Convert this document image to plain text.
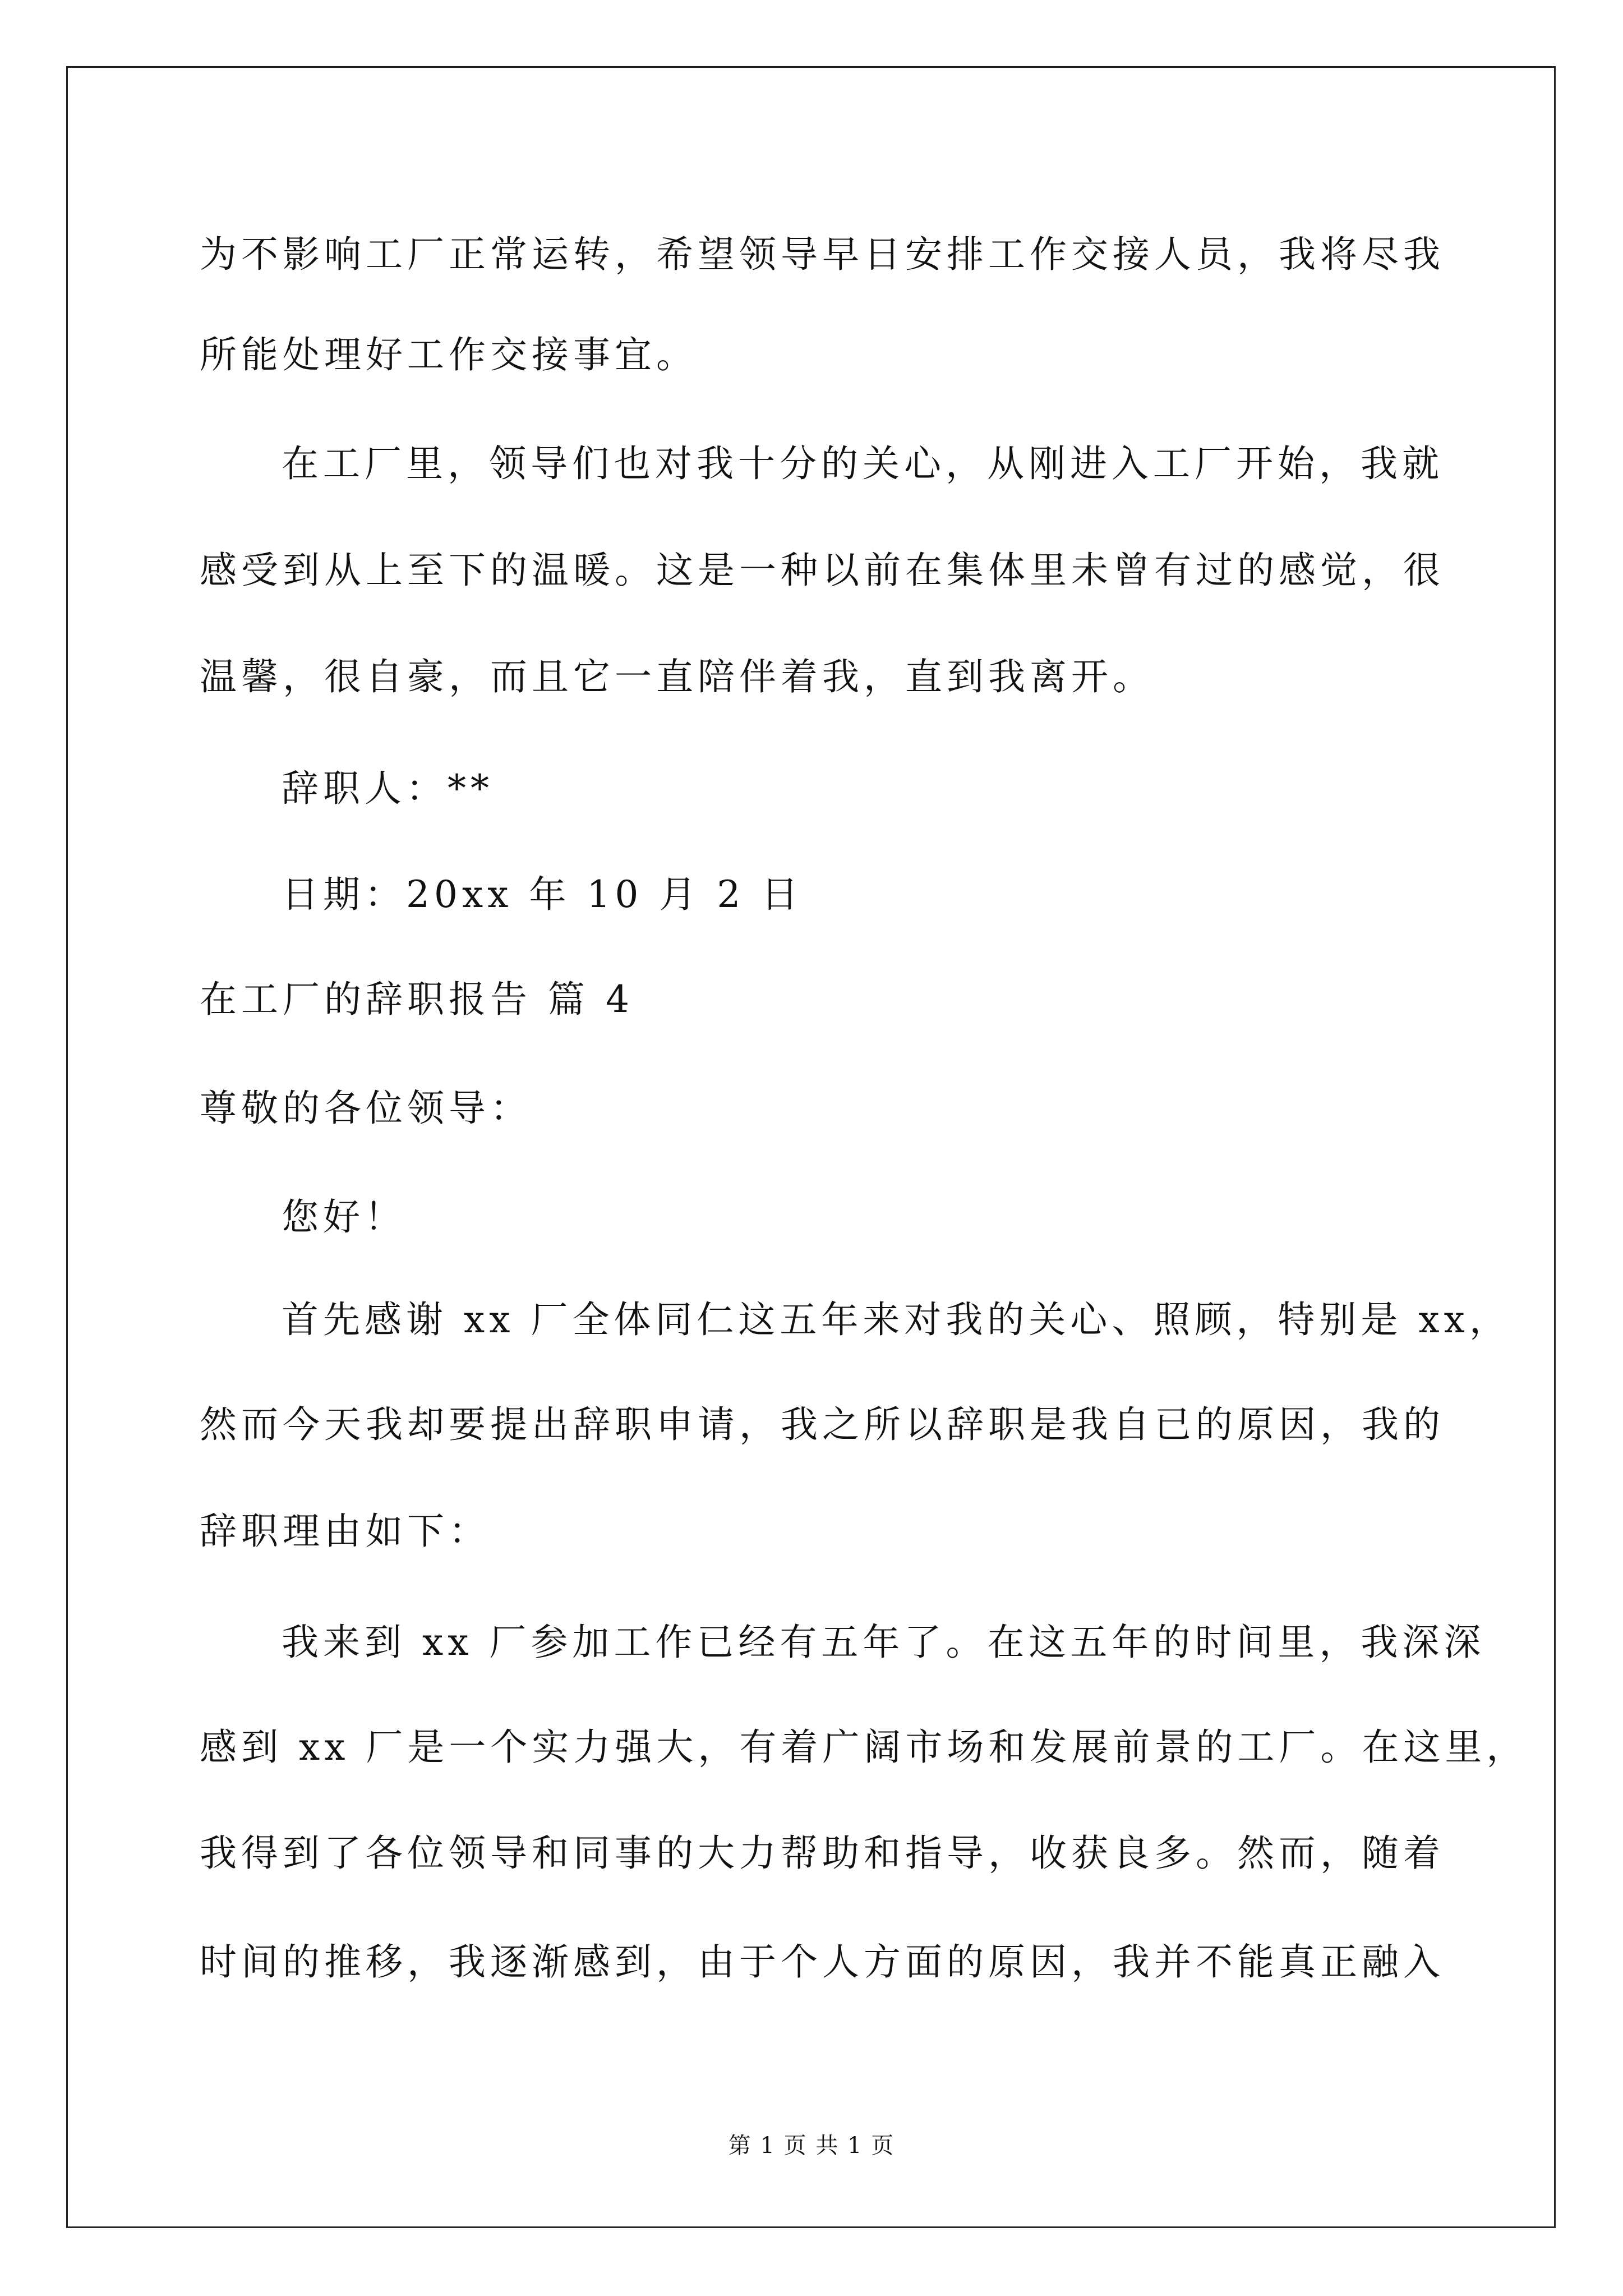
为不影响工厂正常运转，希望领导早日安排工作交接人员，我将尽我
所能处理好工作交接事宜。
在工厂里，领导们也对我十分的关心，从刚进入工厂开始，我就
感受到从上至下的温暖。这是一种以前在集体里未曾有过的感觉，很
温馨，很自豪，而且它一直陪伴着我，直到我离开。
辞职人：**
日期：20xx 年 10 月 2 日
在工厂的辞职报告 篇 4
尊敬的各位领导：
您好！
首先感谢 xx 厂全体同仁这五年来对我的关心、照顾，特别是 xx，
然而今天我却要提出辞职申请，我之所以辞职是我自已的原因，我的
辞职理由如下：
我来到 xx 厂参加工作已经有五年了。在这五年的时间里，我深深
感到 xx 厂是一个实力强大，有着广阔市场和发展前景的工厂。在这里，
我得到了各位领导和同事的大力帮助和指导，收获良多。然而，随着
时间的推移，我逐渐感到，由于个人方面的原因，我并不能真正融入
第 1 页 共 1 页
